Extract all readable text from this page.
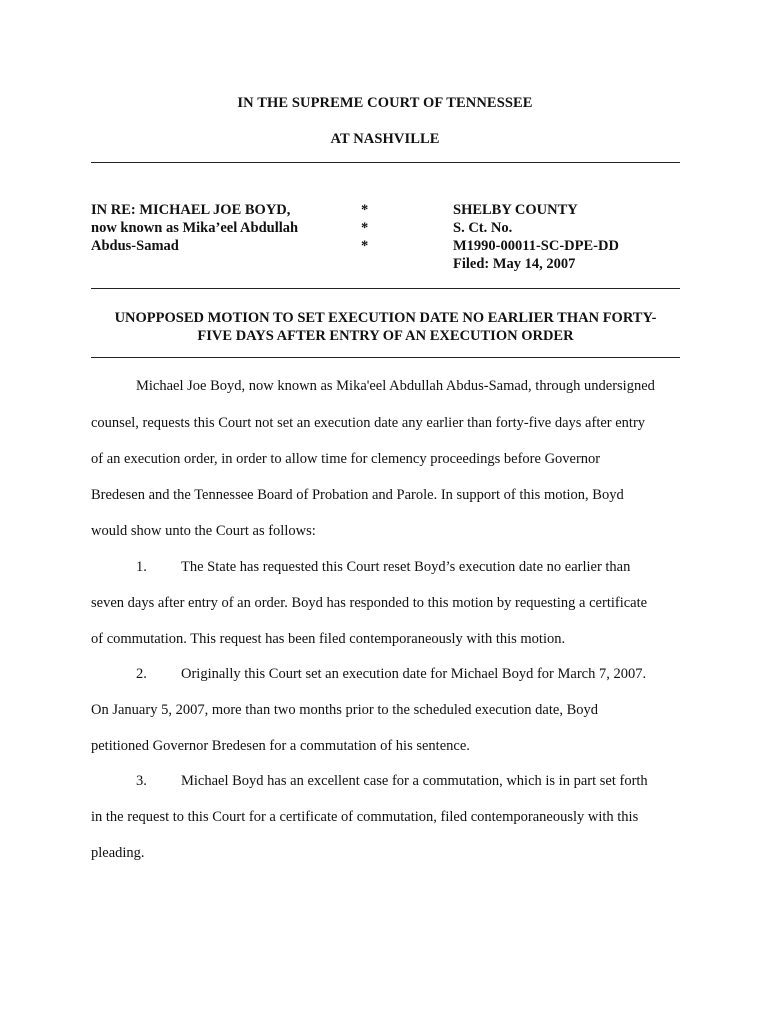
IN THE SUPREME COURT OF TENNESSEE
AT NASHVILLE
IN RE: MICHAEL JOE BOYD,
now known as Mika’eel Abdullah
Abdus-Samad
*
*
*
SHELBY COUNTY
S. Ct. No.
M1990-00011-SC-DPE-DD
Filed: May 14, 2007
UNOPPOSED MOTION TO SET EXECUTION DATE NO EARLIER THAN FORTY-
FIVE DAYS AFTER ENTRY OF AN EXECUTION ORDER
Michael Joe Boyd, now known as Mika'eel Abdullah Abdus-Samad, through undersigned
counsel, requests this Court not set an execution date any earlier than forty-five days after entry
of an execution order, in order to allow time for clemency proceedings before Governor
Bredesen and the Tennessee Board of Probation and Parole. In support of this motion, Boyd
would show unto the Court as follows:
1. The State has requested this Court reset Boyd’s execution date no earlier than
seven days after entry of an order. Boyd has responded to this motion by requesting a certificate
of commutation. This request has been filed contemporaneously with this motion.
2. Originally this Court set an execution date for Michael Boyd for March 7, 2007.
On January 5, 2007, more than two months prior to the scheduled execution date, Boyd
petitioned Governor Bredesen for a commutation of his sentence.
3. Michael Boyd has an excellent case for a commutation, which is in part set forth
in the request to this Court for a certificate of commutation, filed contemporaneously with this
pleading.
